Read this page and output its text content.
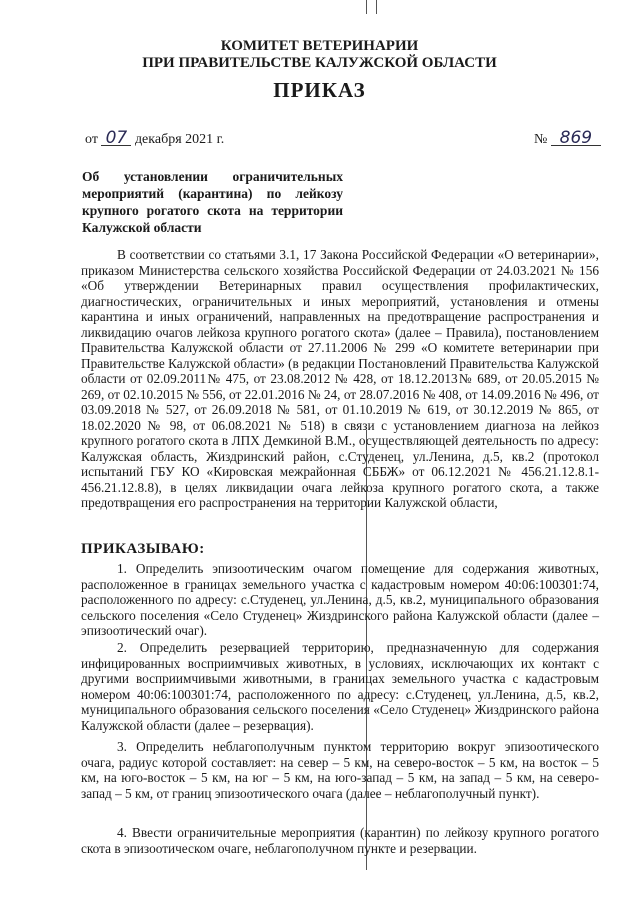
КОМИТЕТ ВЕТЕРИНАРИИ
ПРИ ПРАВИТЕЛЬСТВЕ КАЛУЖСКОЙ ОБЛАСТИ
ПРИКАЗ
от 07 декабря 2021 г.	№ 869
Об установлении ограничительных мероприятий (карантина) по лейкозу крупного рогатого скота на территории Калужской области

В соответствии со статьями 3.1, 17 Закона Российской Федерации «О ветеринарии», приказом Министерства сельского хозяйства Российской Федерации от 24.03.2021 № 156 «Об утверждении Ветеринарных правил осуществления профилактических, диагностических, ограничительных и иных мероприятий, установления и отмены карантина и иных ограничений, направленных на предотвращение распространения и ликвидацию очагов лейкоза крупного рогатого скота» (далее – Правила), постановлением Правительства Калужской области от 27.11.2006 № 299 «О комитете ветеринарии при Правительстве Калужской области» (в редакции Постановлений Правительства Калужской области от 02.09.2011№ 475, от 23.08.2012 № 428, от 18.12.2013№ 689, от 20.05.2015 № 269, от 02.10.2015 № 556, от 22.01.2016 № 24, от 28.07.2016 № 408, от 14.09.2016 № 496, от 03.09.2018 № 527, от 26.09.2018 № 581, от 01.10.2019 № 619, от 30.12.2019 № 865, от 18.02.2020 № 98, от 06.08.2021 № 518) в связи с установлением диагноза на лейкоз крупного рогатого скота в ЛПХ Демкиной В.М., осуществляющей деятельность по адресу: Калужская область, Жиздринский район, с.Студенец, ул.Ленина, д.5, кв.2 (протокол испытаний ГБУ КО «Кировская межрайонная СББЖ» от 06.12.2021 № 456.21.12.8.1-456.21.12.8.8), в целях ликвидации очага лейкоза крупного рогатого скота, а также предотвращения его распространения на территории Калужской области,

ПРИКАЗЫВАЮ:

1. Определить эпизоотическим очагом помещение для содержания животных, расположенное в границах земельного участка с кадастровым номером 40:06:100301:74, расположенного по адресу: с.Студенец, ул.Ленина, д.5, кв.2, муниципального образования сельского поселения «Село Студенец» Жиздринского района Калужской области (далее – эпизоотический очаг).

2. Определить резервацией территорию, предназначенную для содержания инфицированных восприимчивых животных, в условиях, исключающих их контакт с другими восприимчивыми животными, в границах земельного участка с кадастровым номером 40:06:100301:74, расположенного по адресу: с.Студенец, ул.Ленина, д.5, кв.2, муниципального образования сельского поселения «Село Студенец» Жиздринского района Калужской области (далее – резервация).

3. Определить неблагополучным пунктом территорию вокруг эпизоотического очага, радиус которой составляет: на север – 5 км, на северо-восток – 5 км, на восток – 5 км, на юго-восток – 5 км, на юг – 5 км, на юго-запад – 5 км, на запад – 5 км, на северо-запад – 5 км, от границ эпизоотического очага (далее – неблагополучный пункт).

4. Ввести ограничительные мероприятия (карантин) по лейкозу крупного рогатого скота в эпизоотическом очаге, неблагополучном пункте и резервации.
